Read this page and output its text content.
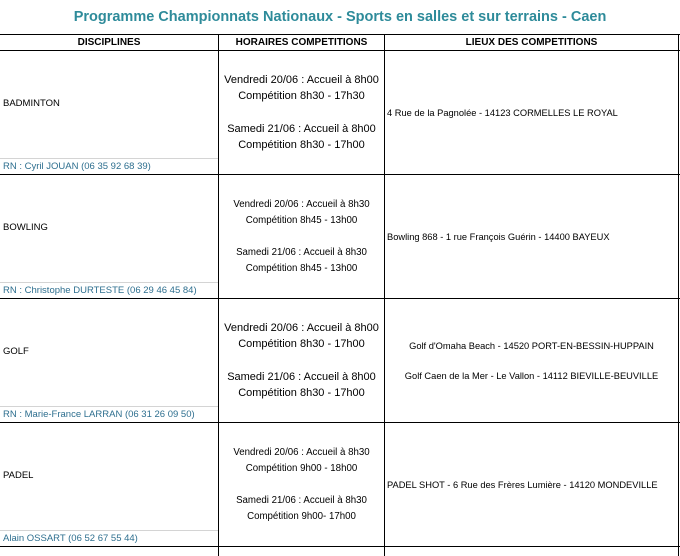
Programme Championnats Nationaux - Sports en salles et sur terrains - Caen
DISCIPLINES	HORAIRES COMPETITIONS	LIEUX DES COMPETITIONS
BADMINTON
RN : Cyril JOUAN (06 35 92 68 39)
Vendredi 20/06 : Accueil à 8h00
Compétition 8h30 - 17h30
Samedi 21/06 : Accueil à 8h00
Compétition 8h30 - 17h00
4 Rue de la Pagnolée - 14123 CORMELLES LE ROYAL
BOWLING
RN : Christophe DURTESTE (06 29 46 45 84)
Vendredi 20/06 : Accueil à 8h30
Compétition 8h45 - 13h00
Samedi 21/06 : Accueil à 8h30
Compétition 8h45 - 13h00
Bowling 868 - 1 rue François Guérin - 14400 BAYEUX
GOLF
RN : Marie-France LARRAN (06 31 26 09 50)
Vendredi 20/06 : Accueil à 8h00
Compétition 8h30 - 17h00
Samedi 21/06 : Accueil à 8h00
Compétition 8h30 - 17h00
Golf d'Omaha Beach - 14520 PORT-EN-BESSIN-HUPPAIN
Golf Caen de la Mer - Le Vallon - 14112 BIEVILLE-BEUVILLE
PADEL
Alain OSSART (06 52 67 55 44)
Vendredi 20/06 : Accueil à 8h30
Compétition 9h00 - 18h00
Samedi 21/06 : Accueil à 8h30
Compétition 9h00- 17h00
PADEL SHOT - 6 Rue des Frères Lumière - 14120 MONDEVILLE
